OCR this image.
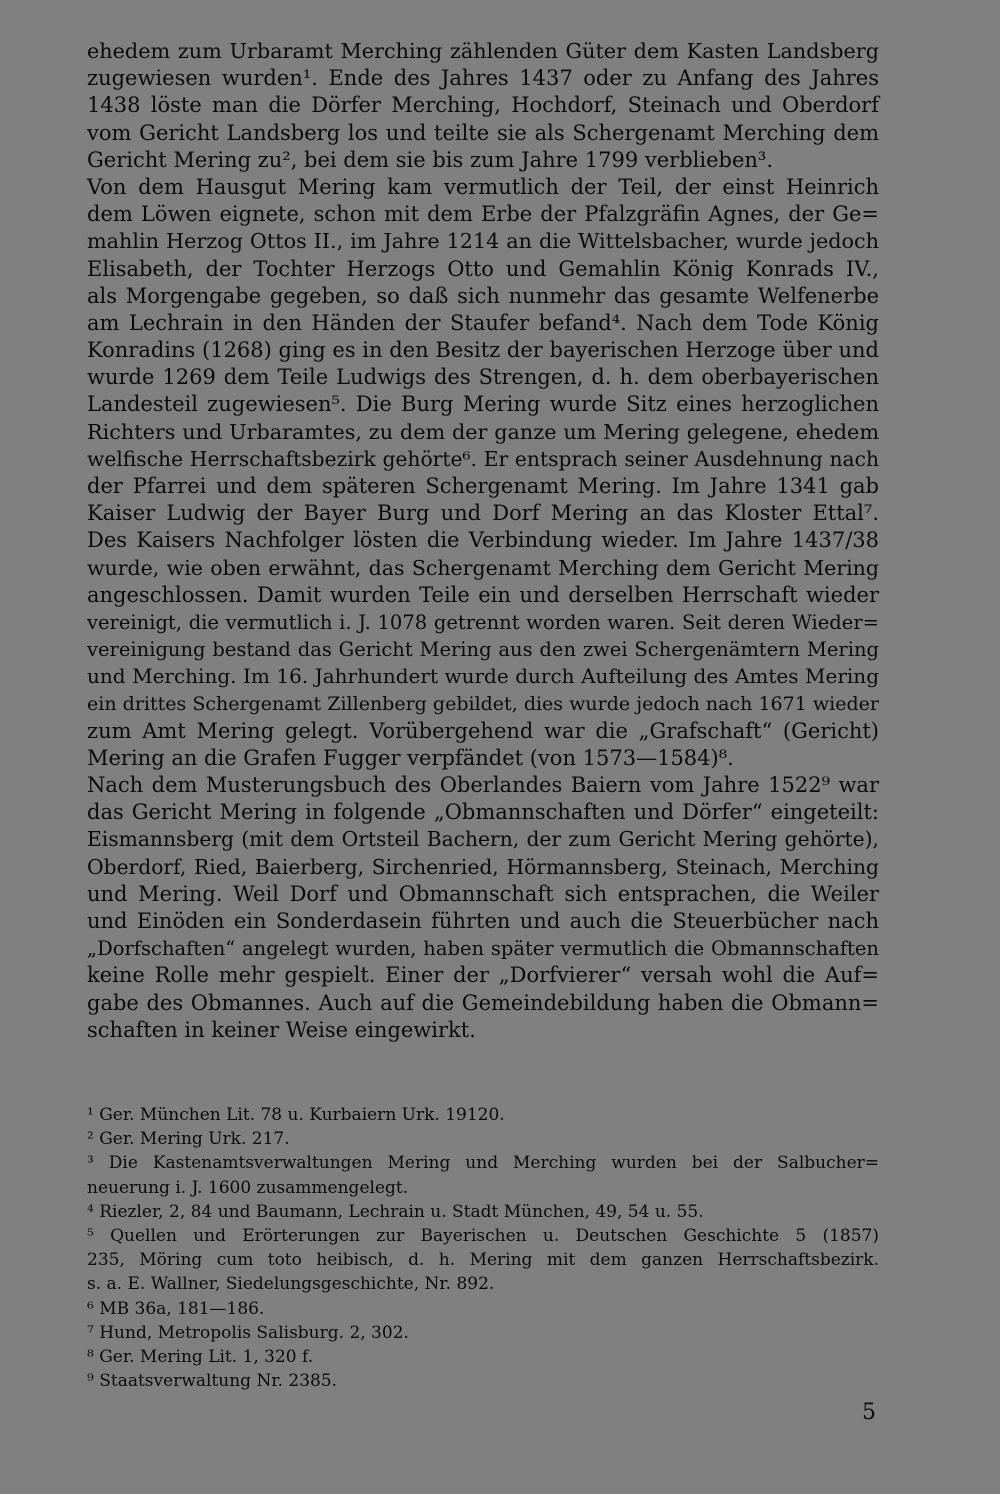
ehedem zum Urbaramt Merching zählenden Güter dem Kasten Landsberg
zugewiesen wurden¹. Ende des Jahres 1437 oder zu Anfang des Jahres
1438 löste man die Dörfer Merching, Hochdorf, Steinach und Oberdorf
vom Gericht Landsberg los und teilte sie als Schergenamt Merching dem
Gericht Mering zu², bei dem sie bis zum Jahre 1799 verblieben³.
Von dem Hausgut Mering kam vermutlich der Teil, der einst Heinrich
dem Löwen eignete, schon mit dem Erbe der Pfalzgräfin Agnes, der Ge=
mahlin Herzog Ottos II., im Jahre 1214 an die Wittelsbacher, wurde jedoch
Elisabeth, der Tochter Herzogs Otto und Gemahlin König Konrads IV.,
als Morgengabe gegeben, so daß sich nunmehr das gesamte Welfenerbe
am Lechrain in den Händen der Staufer befand⁴. Nach dem Tode König
Konradins (1268) ging es in den Besitz der bayerischen Herzoge über und
wurde 1269 dem Teile Ludwigs des Strengen, d. h. dem oberbayerischen
Landesteil zugewiesen⁵. Die Burg Mering wurde Sitz eines herzoglichen
Richters und Urbaramtes, zu dem der ganze um Mering gelegene, ehedem
welfische Herrschaftsbezirk gehörte⁶. Er entsprach seiner Ausdehnung nach
der Pfarrei und dem späteren Schergenamt Mering. Im Jahre 1341 gab
Kaiser Ludwig der Bayer Burg und Dorf Mering an das Kloster Ettal⁷.
Des Kaisers Nachfolger lösten die Verbindung wieder. Im Jahre 1437/38
wurde, wie oben erwähnt, das Schergenamt Merching dem Gericht Mering
angeschlossen. Damit wurden Teile ein und derselben Herrschaft wieder
vereinigt, die vermutlich i. J. 1078 getrennt worden waren. Seit deren Wieder=
vereinigung bestand das Gericht Mering aus den zwei Schergenämtern Mering
und Merching. Im 16. Jahrhundert wurde durch Aufteilung des Amtes Mering
ein drittes Schergenamt Zillenberg gebildet, dies wurde jedoch nach 1671 wieder
zum Amt Mering gelegt. Vorübergehend war die „Grafschaft“ (Gericht)
Mering an die Grafen Fugger verpfändet (von 1573—1584)⁸.
Nach dem Musterungsbuch des Oberlandes Baiern vom Jahre 1522⁹ war
das Gericht Mering in folgende „Obmannschaften und Dörfer“ eingeteilt:
Eismannsberg (mit dem Ortsteil Bachern, der zum Gericht Mering gehörte),
Oberdorf, Ried, Baierberg, Sirchenried, Hörmannsberg, Steinach, Merching
und Mering. Weil Dorf und Obmannschaft sich entsprachen, die Weiler
und Einöden ein Sonderdasein führten und auch die Steuerbücher nach
„Dorfschaften“ angelegt wurden, haben später vermutlich die Obmannschaften
keine Rolle mehr gespielt. Einer der „Dorfvierer“ versah wohl die Auf=
gabe des Obmannes. Auch auf die Gemeindebildung haben die Obmann=
schaften in keiner Weise eingewirkt.
¹ Ger. München Lit. 78 u. Kurbaiern Urk. 19120.
² Ger. Mering Urk. 217.
³ Die Kastenamtsverwaltungen Mering und Merching wurden bei der Salbucher=
neuerung i. J. 1600 zusammengelegt.
⁴ Riezler, 2, 84 und Baumann, Lechrain u. Stadt München, 49, 54 u. 55.
⁵ Quellen und Erörterungen zur Bayerischen u. Deutschen Geschichte 5 (1857)
235, Möring cum toto heibisch, d. h. Mering mit dem ganzen Herrschaftsbezirk.
s. a. E. Wallner, Siedelungsgeschichte, Nr. 892.
⁶ MB 36a, 181—186.
⁷ Hund, Metropolis Salisburg. 2, 302.
⁸ Ger. Mering Lit. 1, 320 f.
⁹ Staatsverwaltung Nr. 2385.
5
